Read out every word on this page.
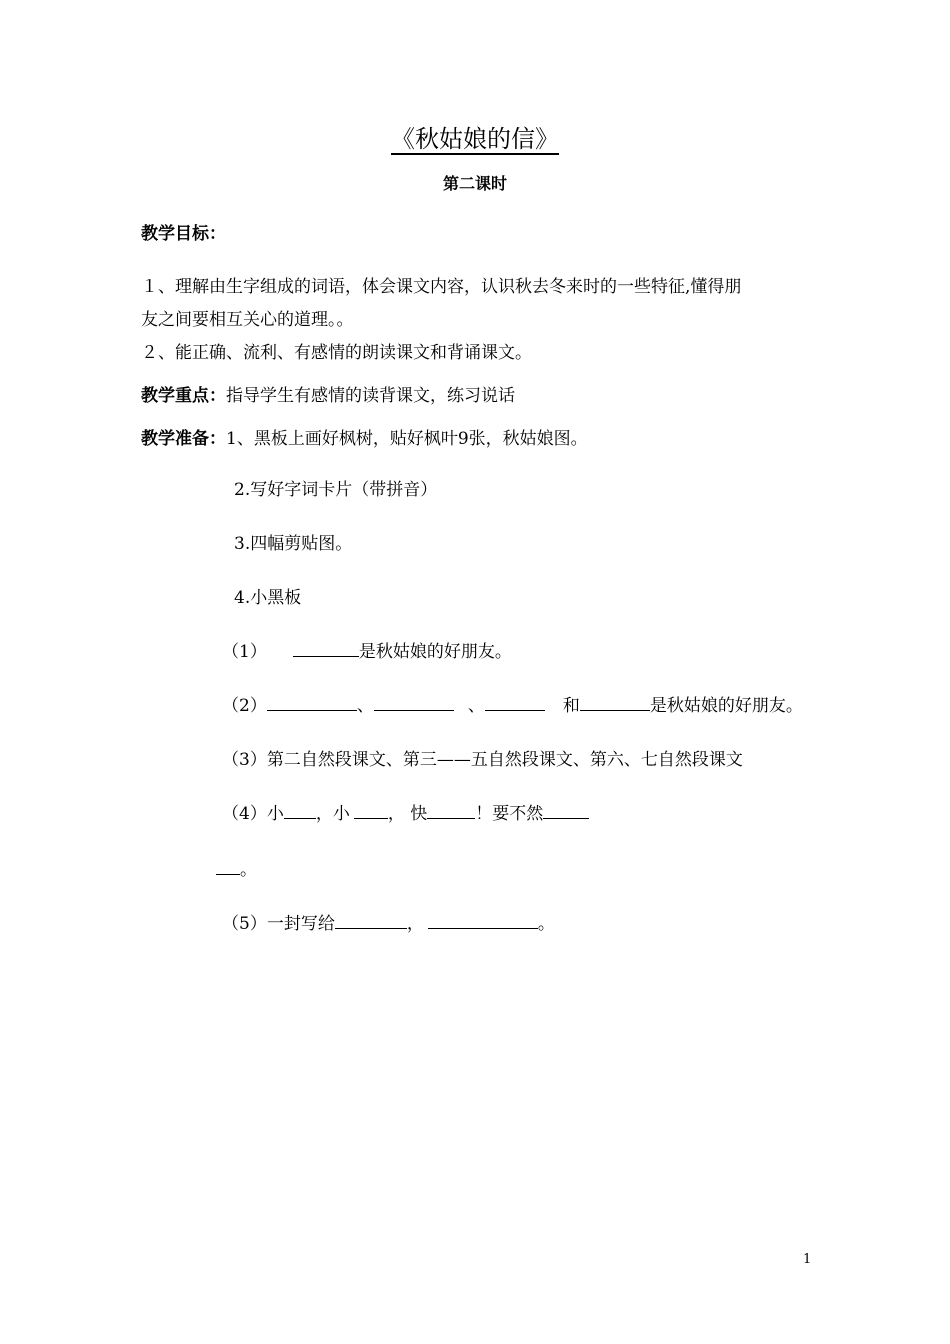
《秋姑娘的信》
第二课时
教学目标：
１、理解由生字组成的词语，体会课文内容，认识秋去冬来时的一些特征,懂得朋
友之间要相互关心的道理。。
２、能正确、流利、有感情的朗读课文和背诵课文。
教学重点：指导学生有感情的读背课文，练习说话
教学准备：1、黑板上画好枫树，贴好枫叶9张，秋姑娘图。
2.写好字词卡片（带拼音）
3.四幅剪贴图。
4.小黑板
（1）	是秋姑娘的好朋友。
（2）	、	、	和	是秋姑娘的好朋友。
（3）第二自然段课文、第三——五自然段课文、第六、七自然段课文
（4）小 ，小 ， 快	！要不然
。
（5）一封写给	，	。
1
